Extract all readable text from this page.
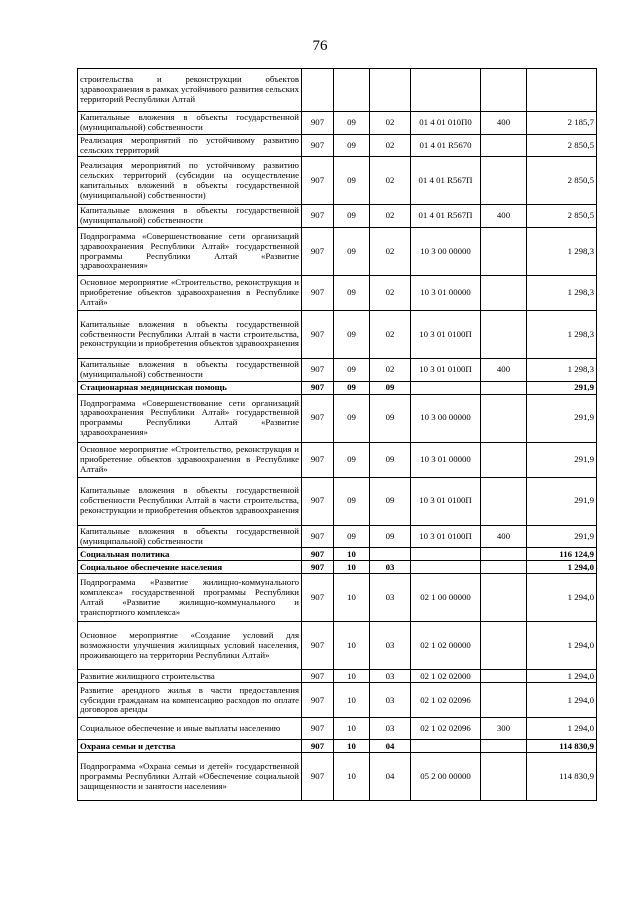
76
строительства и реконструкции объектов здравоохранения в рамках устойчивого развития сельских территорий Республики Алтай						
Капитальные вложения в объекты государственной (муниципальной) собственности	907	09	02	01 4 01 010П0	400	2 185,7
Реализация мероприятий по устойчивому развитию сельских территорий	907	09	02	01 4 01 R5670		2 850,5
Реализация мероприятий по устойчивому развитию сельских территорий (субсидии на осуществление капитальных вложений в объекты государственной (муниципальной) собственности)	907	09	02	01 4 01 R567П		2 850,5
Капитальные вложения в объекты государственной (муниципальной) собственности	907	09	02	01 4 01 R567П	400	2 850,5
Подпрограмма «Совершенствование сети организаций здравоохранения Республики Алтай» государственной программы Республики Алтай «Развитие здравоохранения»	907	09	02	10 3 00 00000		1 298,3
Основное мероприятие «Строительство, реконструкция и приобретение объектов здравоохранения в Республике Алтай»	907	09	02	10 3 01 00000		1 298,3
Капитальные вложения в объекты государственной собственности Республики Алтай в части строительства, реконструкции и приобретения объектов здравоохранения	907	09	02	10 3 01 0100П		1 298,3
Капитальные вложения в объекты государственной (муниципальной) собственности	907	09	02	10 3 01 0100П	400	1 298,3
Стационарная медицинская помощь	907	09	09			291,9
Подпрограмма «Совершенствование сети организаций здравоохранения Республики Алтай» государственной программы Республики Алтай «Развитие здравоохранения»	907	09	09	10 3 00 00000		291,9
Основное мероприятие «Строительство, реконструкция и приобретение объектов здравоохранения в Республике Алтай»	907	09	09	10 3 01 00000		291,9
Капитальные вложения в объекты государственной собственности Республики Алтай в части строительства, реконструкции и приобретения объектов здравоохранения	907	09	09	10 3 01 0100П		291,9
Капитальные вложения в объекты государственной (муниципальной) собственности	907	09	09	10 3 01 0100П	400	291,9
Социальная политика	907	10				116 124,9
Социальное обеспечение населения	907	10	03			1 294,0
Подпрограмма «Развитие жилищно-коммунального комплекса» государственной программы Республики Алтай «Развитие жилищно-коммунального и транспортного комплекса»	907	10	03	02 1 00 00000		1 294,0
Основное мероприятие «Создание условий для возможности улучшения жилищных условий населения, проживающего на территории Республики Алтай»	907	10	03	02 1 02 00000		1 294,0
Развитие жилищного строительства	907	10	03	02 1 02 02000		1 294,0
Развитие арендного жилья в части предоставления субсидии гражданам на компенсацию расходов по оплате договоров аренды	907	10	03	02 1 02 02096		1 294,0
Социальное обеспечение и иные выплаты населению	907	10	03	02 1 02 02096	300	1 294,0
Охрана семьи и детства	907	10	04			114 830,9
Подпрограмма «Охрана семьи и детей» государственной программы Республики Алтай «Обеспечение социальной защищенности и занятости населения»	907	10	04	05 2 00 00000		114 830,9
